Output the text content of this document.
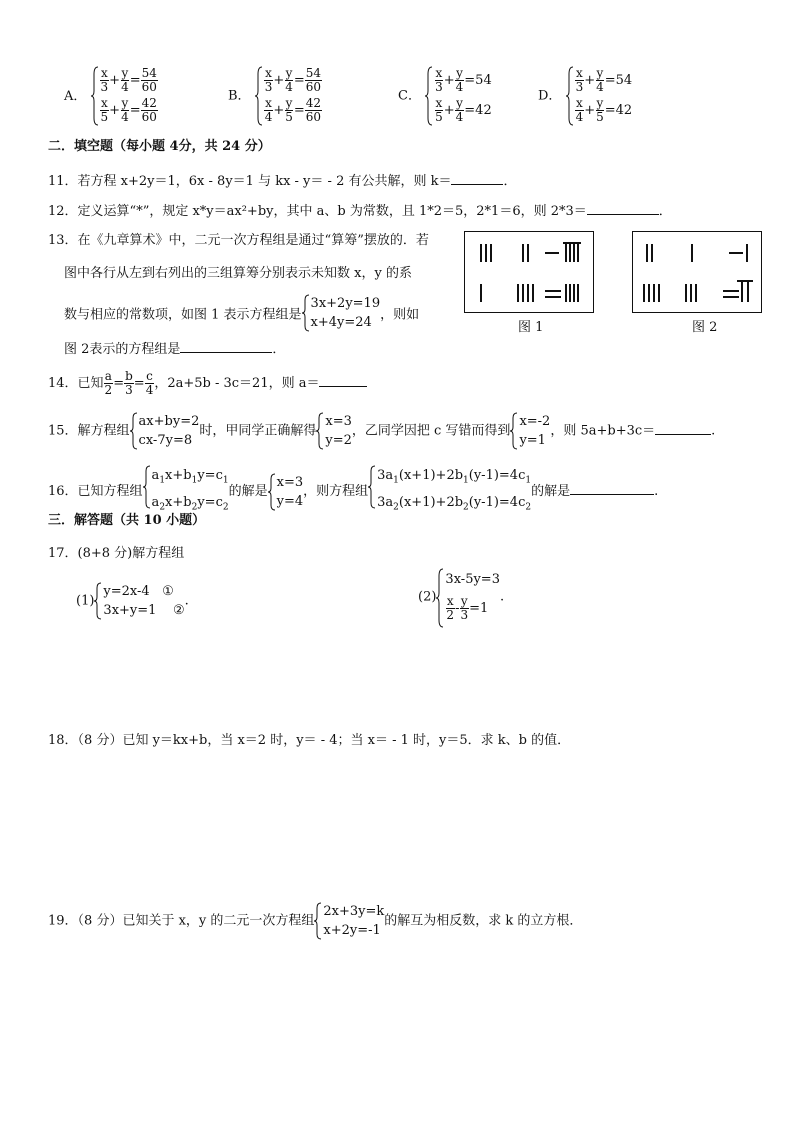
A．
$\frac{x}{3} + \frac{y}{4} = \frac{54}{60}$
$\frac{x}{5} + \frac{y}{4} = \frac{42}{60}$
B．
$\frac{x}{3} + \frac{y}{4} = \frac{54}{60}$
$\frac{x}{4} + \frac{y}{5} = \frac{42}{60}$
C．
$\frac{x}{3} + \frac{y}{4} =54$
$\frac{x}{5} + \frac{y}{4} =42$
D．
$\frac{x}{3} + \frac{y}{4} =54$
$\frac{x}{4} + \frac{y}{5} =42$
二．填空题（每小题 4分，共 24 分）
11．若方程 x+2y＝1，6x - 8y＝1 与 kx - y＝ - 2 有公共解，则 k＝	．
12．定义运算“*”，规定 x*y＝ax²+by，其中 a、b 为常数，且 1*2＝5，2*1＝6，则 2*3＝	．
13．在《九章算术》中，二元一次方程组是通过“算筹”摆放的．若
图中各行从左到右列出的三组算筹分别表示未知数 x，y 的系
数与相应的常数项，如图 1 表示方程组是
3x+2y=19
x+4y=24 ，则如
图 2表示的方程组是	．
图 1	图 2
14．已知 $\frac{a}{2} = \frac{b}{3} = \frac{c}{4}$ ，2a+5b - 3c＝21，则 a＝
15．解方程组
ax+by=2
cx-7y=8
时，甲同学正确解得
x=3
y=2
，乙同学因把 c 写错而得到
x=-2
y=1
，则 5a+b+3c＝	.
16．已知方程组
$a_1x+b_1y=c_1$
$a_2x+b_2y=c_2$
的解是
x=3
y=4
，则方程组
$3a_1(x+1)+2b_1(y-1)=4c_1$
$3a_2(x+1)+2b_2(y-1)=4c_2$
的解是	.
三．解答题（共 10 小题）
17．(8+8 分)解方程组
(1)
y=2x-4 ①
3x+y=1 ②
.	(2)
3x-5y=3
$\frac{x}{2} - \frac{y}{3} =1$
.
18．（8 分）已知 y＝kx+b，当 x＝2 时，y＝ - 4；当 x＝ - 1 时，y＝5．求 k、b 的值．
19．（8 分）已知关于 x，y 的二元一次方程组
2x+3y=k
x+2y=-1
的解互为相反数，求 k 的立方根．
